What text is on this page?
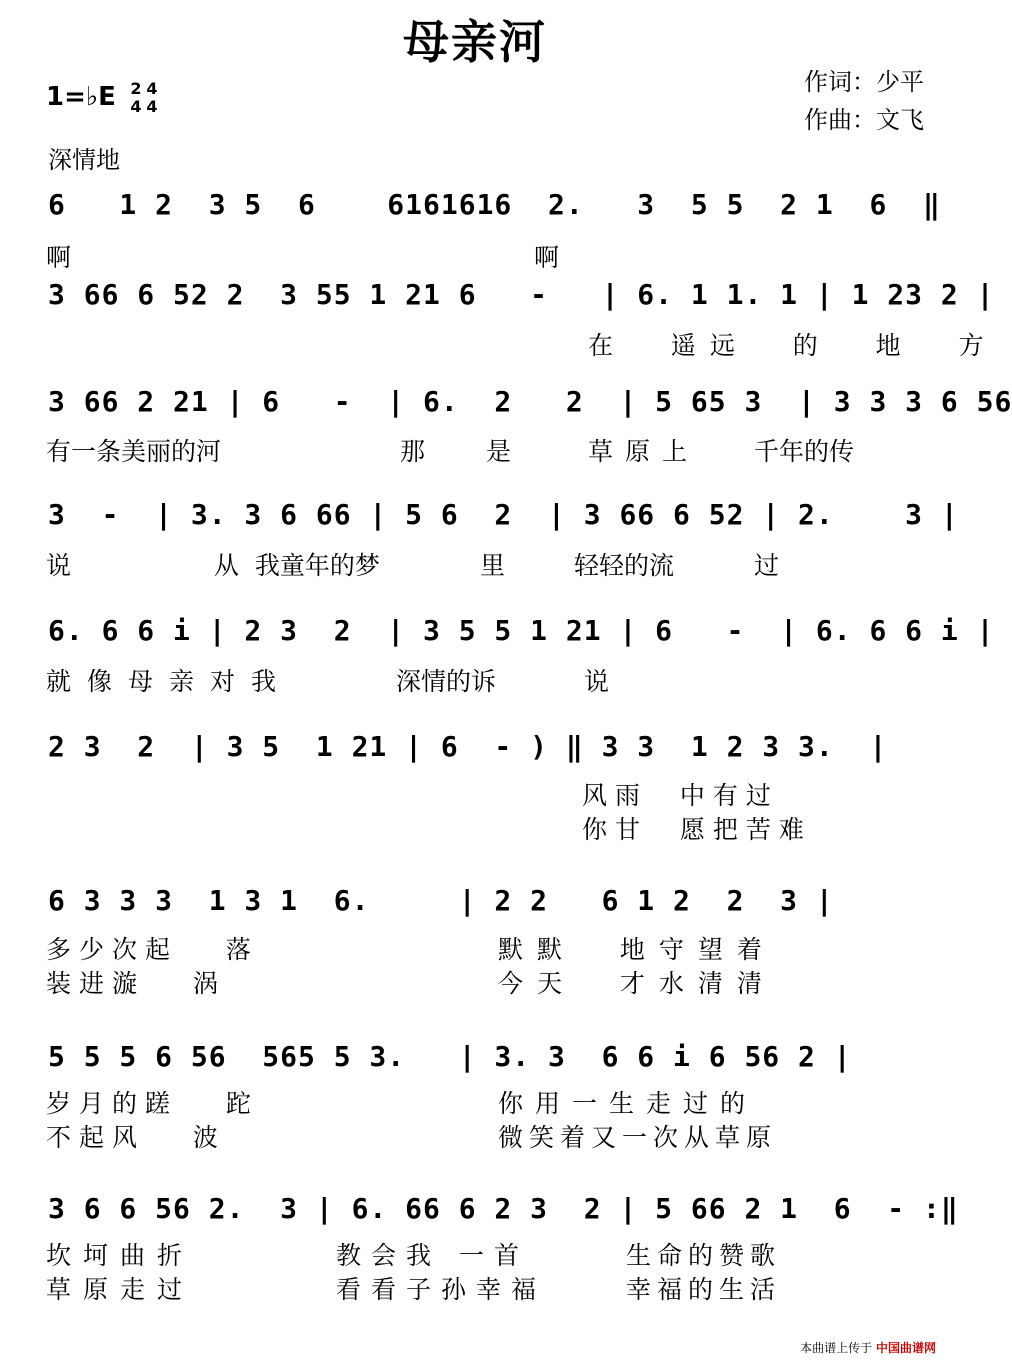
母亲河
1=♭E 2
44
4
作词：少平
作曲：文飞
深情地
6   1 2  3 5  6    6161616  2.   3  5 5  2 1  6  ‖
啊	啊
3 66 6 52 2  3 55 1 21 6   -   | 6. 1 1. 1 | 1 23 2 |
在  遥远  的  地  方
3 66 2 21 | 6   -  | 6.  2   2  | 5 65 3  | 3 3 3 6 56
有一条美丽的河	那 是	草原上 千年的传
3  -  | 3. 3 6 66 | 5 6  2  | 3 66 6 52 | 2.    3 |
说	从  我童年的梦	里	轻轻的流	过
6. 6 6 i | 2 3  2  | 3 5 5 1 21 | 6   -  | 6. 6 6 i |
就像母亲对我	深情的诉	说
2 3  2  | 3 5  1 21 | 6  - ) ‖ 3 3  1 2 3 3.  |
风雨  中有过
你甘  愿把苦难
6 3 3 3  1 3 1  6.     | 2 2   6 1 2  2  3 |
多少次起   落	默默  地守望着
装进漩   涡	今天  才水清清
5 5 5 6 56  565 5 3.   | 3. 3  6 6 i 6 56 2 |
岁月的蹉   跎	你用一生走过的
不起风   波	微笑着又一次从草原
3 6 6 56 2.  3 | 6. 66 6 2 3  2 | 5 66 2 1  6  - :‖
坎坷曲折	教会我 一首	生命的赞歌
草原走过	看看子孙幸福	幸福的生活
本曲谱上传于 中国曲谱网
